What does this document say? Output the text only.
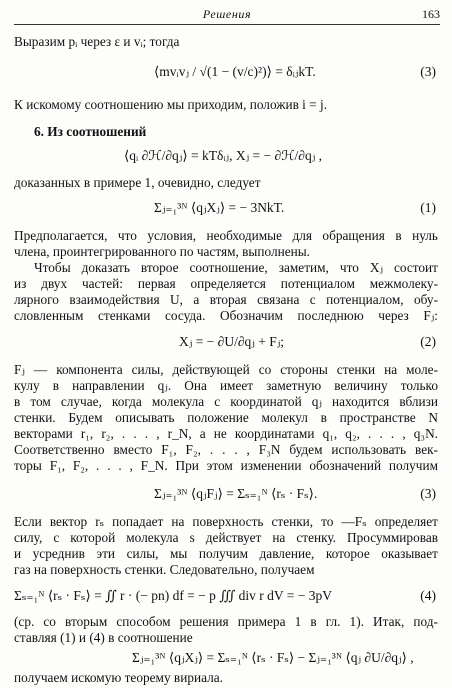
Решения	163
Выразим pᵢ через ε и vᵢ; тогда
⟨mvᵢvⱼ / √(1 − (v/c)²)⟩ = δᵢⱼkT.	(3)
К искомому соотношению мы приходим, положив i = j.
6. Из соотношений
⟨qᵢ ∂ℋ/∂qⱼ⟩ = kTδᵢⱼ, Xⱼ = − ∂ℋ/∂qⱼ ,
доказанных в примере 1, очевидно, следует
Σⱼ₌₁³ᴺ ⟨qⱼXⱼ⟩ = − 3NkT.	(1)
Предполагается, что условия, необходимые для обращения в нуль
члена, проинтегрированного по частям, выполнены.
Чтобы доказать второе соотношение, заметим, что Xⱼ состоит
из двух частей: первая определяется потенциалом межмолеку-
лярного взаимодействия U, а вторая связана с потенциалом, обу-
словленным стенками сосуда. Обозначим последнюю через Fⱼ:
Xⱼ = − ∂U/∂qⱼ + Fⱼ;	(2)
Fⱼ — компонента силы, действующей со стороны стенки на моле-
кулу в направлении qⱼ. Она имеет заметную величину только
в том случае, когда молекула с координатой qⱼ находится вблизи
стенки. Будем описывать положение молекул в пространстве N
векторами r₁, r₂, . . . , r_N, а не координатами q₁, q₂, . . . , q₃N.
Соответственно вместо F₁, F₂, . . . , F₃N будем использовать век-
торы F₁, F₂, . . . , F_N. При этом изменении обозначений получим
Σⱼ₌₁³ᴺ ⟨qⱼFⱼ⟩ = Σₛ₌₁ᴺ ⟨rₛ · Fₛ⟩.	(3)
Если вектор rₛ попадает на поверхность стенки, то —Fₛ определяет
силу, с которой молекула s действует на стенку. Просуммировав
и усреднив эти силы, мы получим давление, которое оказывает
газ на поверхность стенки. Следовательно, получаем
Σₛ₌₁ᴺ ⟨rₛ · Fₛ⟩ = ∬ r · (− pn) df = − p ∭ div r dV = − 3pV	(4)
(ср. со вторым способом решения примера 1 в гл. 1). Итак, под-
ставляя (1) и (4) в соотношение
Σⱼ₌₁³ᴺ ⟨qⱼXⱼ⟩ = Σₛ₌₁ᴺ ⟨rₛ · Fₛ⟩ − Σⱼ₌₁³ᴺ ⟨qⱼ ∂U/∂qⱼ⟩ ,
получаем искомую теорему вириала.
